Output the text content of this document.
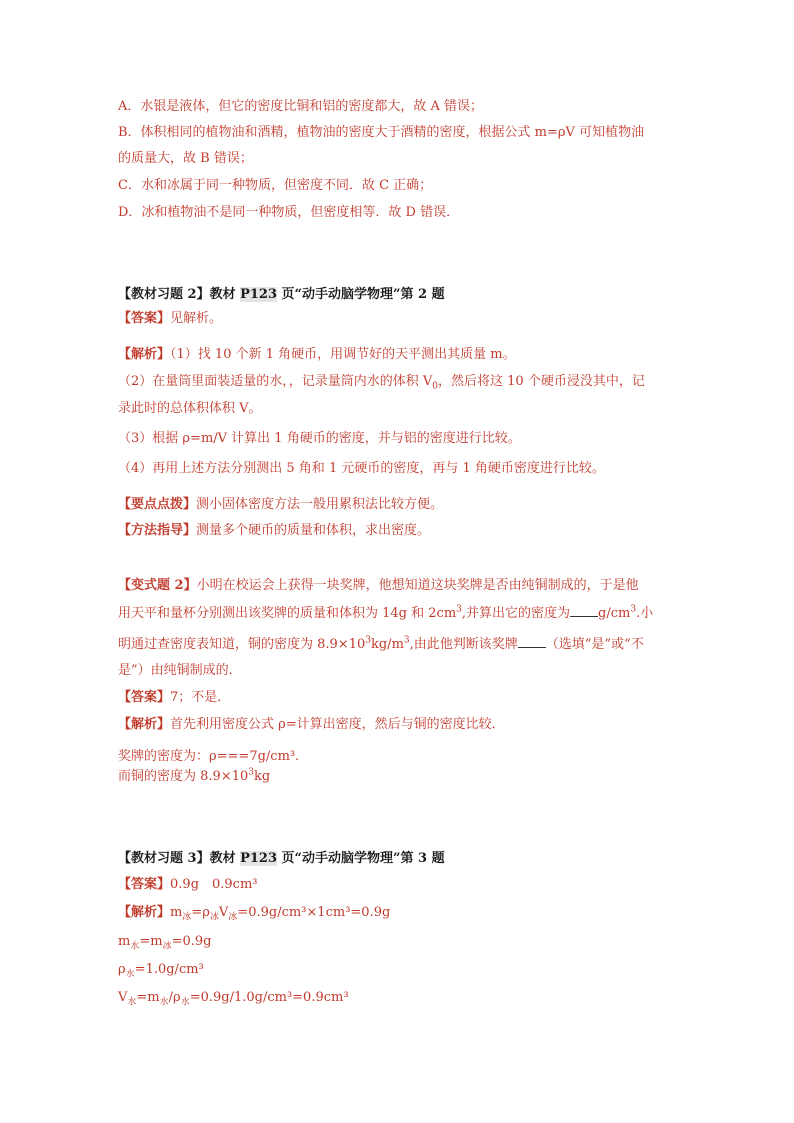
A．水银是液体，但它的密度比铜和铝的密度都大，故 A 错误；
B．体积相同的植物油和酒精，植物油的密度大于酒精的密度，根据公式 m=ρV 可知植物油
的质量大，故 B 错误；
C．水和冰属于同一种物质，但密度不同．故 C 正确；
D．冰和植物油不是同一种物质，但密度相等．故 D 错误．
【教材习题 2】教材 P123 页“动手动脑学物理”第 2 题
【答案】见解析。
【解析】（1）找 10 个新 1 角硬币，用调节好的天平测出其质量 m。
（2）在量筒里面装适量的水，，记录量筒内水的体积 $V_0$，然后将这 10 个硬币浸没其中，记
录此时的总体积体积 V。
（3）根据 ρ=m/V 计算出 1 角硬币的密度，并与铝的密度进行比较。
（4）再用上述方法分别测出 5 角和 1 元硬币的密度，再与 1 角硬币密度进行比较。
【要点点拨】测小固体密度方法一般用累积法比较方便。
【方法指导】测量多个硬币的质量和体积，求出密度。
【变式题 2】小明在校运会上获得一块奖牌，他想知道这块奖牌是否由纯铜制成的，于是他
用天平和量杯分别测出该奖牌的质量和体积为 14g 和 $2cm^3$,并算出它的密度为 $g/cm^3$.小
明通过查密度表知道，铜的密度为 $8.9\times 10^3kg/m^3$,由此他判断该奖牌 （选填“是”或“不
是”）由纯铜制成的．
【答案】7；不是．
【解析】首先利用密度公式 ρ=计算出密度，然后与铜的密度比较．
奖牌的密度为：ρ===7g/cm³．
而铜的密度为 $8.9\times 10^3kg$
【教材习题 3】教材 P123 页“动手动脑学物理”第 3 题
【答案】0.9g　0.9cm³
【解析】$m_冰=\rho_冰V_冰=0.9g/cm^3\times 1cm^3=0.9g$
$m_水=m_冰=0.9g$
$\rho_水=1.0g$/cm³
$V_水=m_水/\rho_水=0.9g/1.0g/cm^3=0.9cm^3$
